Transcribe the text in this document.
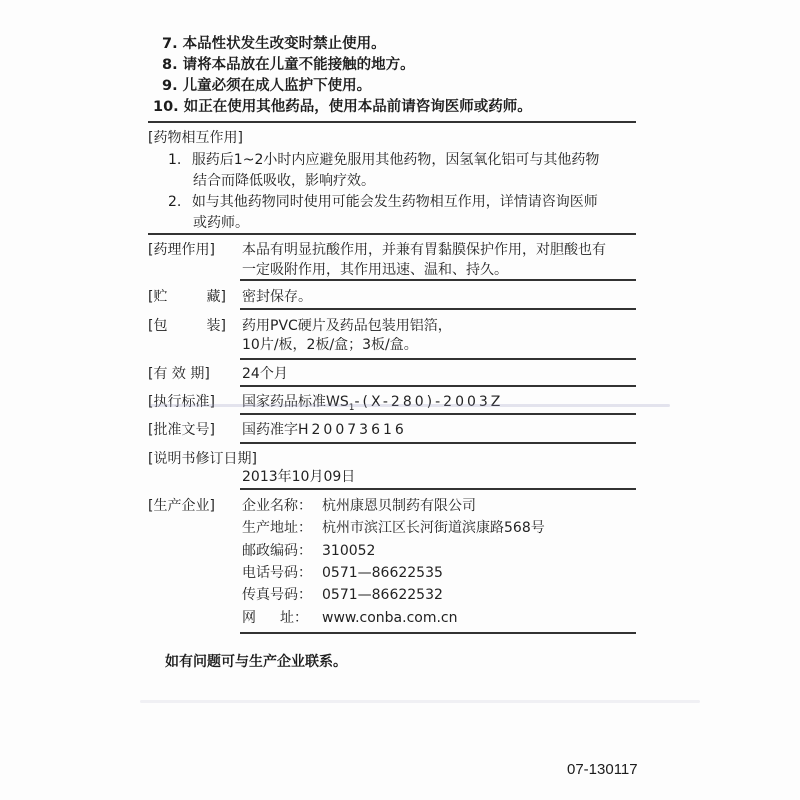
7. 本品性状发生改变时禁止使用。
8. 请将本品放在儿童不能接触的地方。
9. 儿童必须在成人监护下使用。
10. 如正在使用其他药品，使用本品前请咨询医师或药师。
[药物相互作用]
1. 服药后1~2小时内应避免服用其他药物，因氢氧化铝可与其他药物
结合而降低吸收，影响疗效。
2. 如与其他药物同时使用可能会发生药物相互作用，详情请咨询医师
或药师。
[药理作用] 本品有明显抗酸作用，并兼有胃黏膜保护作用，对胆酸也有
一定吸附作用，其作用迅速、温和、持久。
[贮	藏] 密封保存。
[包	装] 药用PVC硬片及药品包装用铝箔，
10片/板，2板/盒；3板/盒。
[有 效 期] 24个月
[执行标准] 国家药品标准$WS_1-(X-280)-2003Z$
[批准文号] 国药准字H20073616
[说明书修订日期]
2013年10月09日
[生产企业] 企业名称： 杭州康恩贝制药有限公司
生产地址： 杭州市滨江区长河街道滨康路568号
邮政编码： 310052
电话号码： 0571—86622535
传真号码： 0571—86622532
网 址： www.conba.com.cn
如有问题可与生产企业联系。
07-130117
